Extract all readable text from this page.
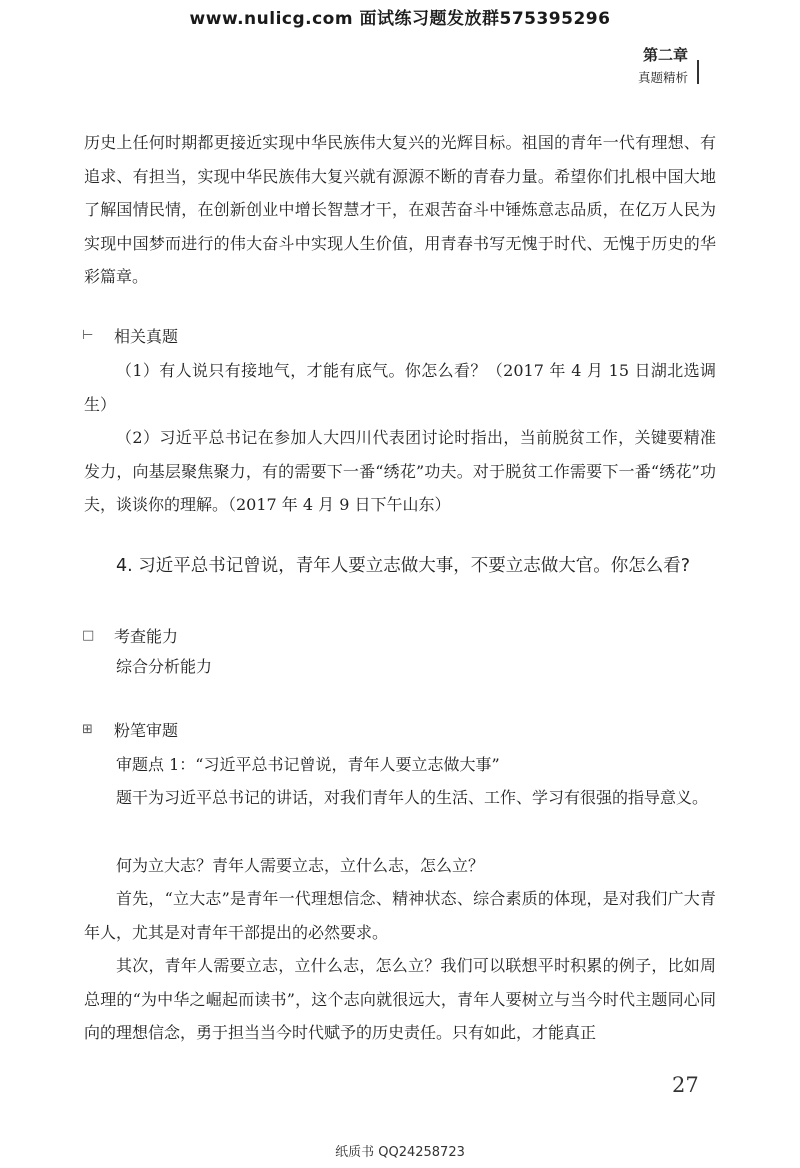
www.nulicg.com 面试练习题发放群575395296
第二章
真题精析

历史上任何时期都更接近实现中华民族伟大复兴的光辉目标。祖国的青年一代有理想、有追求、有担当，实现中华民族伟大复兴就有源源不断的青春力量。希望你们扎根中国大地了解国情民情，在创新创业中增长智慧才干，在艰苦奋斗中锤炼意志品质，在亿万人民为实现中国梦而进行的伟大奋斗中实现人生价值，用青春书写无愧于时代、无愧于历史的华彩篇章。

⊢	相关真题

（1）有人说只有接地气，才能有底气。你怎么看？（2017 年 4 月 15 日湖北选调生）

（2）习近平总书记在参加人大四川代表团讨论时指出，当前脱贫工作，关键要精准发力，向基层聚焦聚力，有的需要下一番“绣花”功夫。对于脱贫工作需要下一番“绣花”功夫，谈谈你的理解。（2017 年 4 月 9 日下午山东）

4. 习近平总书记曾说，青年人要立志做大事，不要立志做大官。你怎么看?

□	考查能力

综合分析能力

⊞	粉笔审题

审题点 1：“习近平总书记曾说，青年人要立志做大事”

题干为习近平总书记的讲话，对我们青年人的生活、工作、学习有很强的指导意义。

何为立大志？青年人需要立志，立什么志，怎么立？

首先，“立大志”是青年一代理想信念、精神状态、综合素质的体现，是对我们广大青年人，尤其是对青年干部提出的必然要求。

其次，青年人需要立志，立什么志，怎么立？我们可以联想平时积累的例子，比如周总理的“为中华之崛起而读书”，这个志向就很远大，青年人要树立与当今时代主题同心同向的理想信念，勇于担当当今时代赋予的历史责任。只有如此，才能真正

27
纸质书 QQ24258723
